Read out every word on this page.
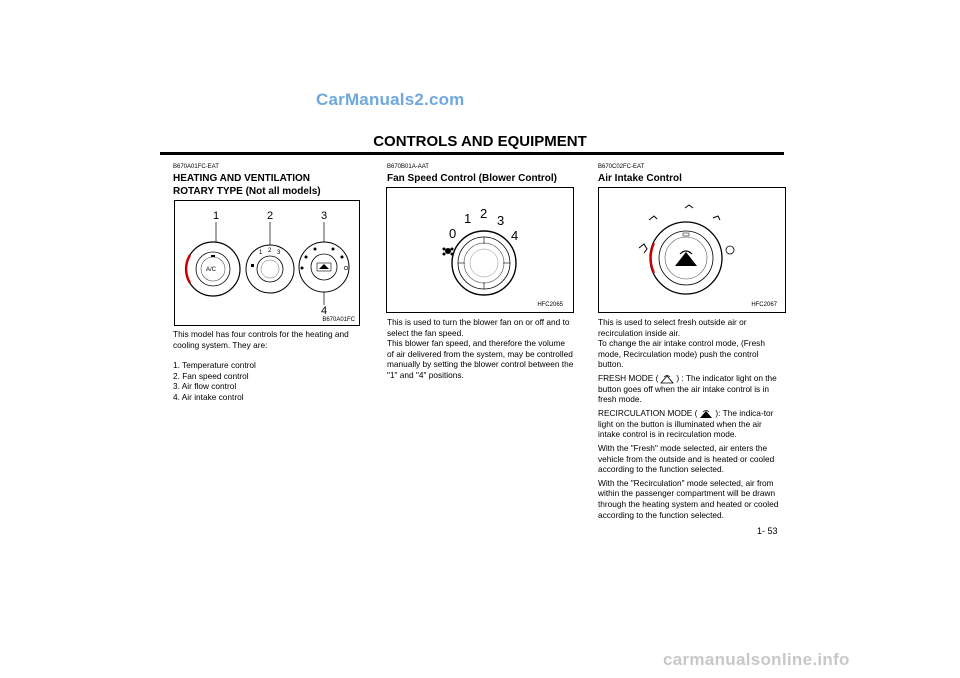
CarManuals2.com
CONTROLS AND EQUIPMENT
B670A01FC-EAT
HEATING AND VENTILATION
ROTARY TYPE (Not all models)
1	2	3
4
A/C
1 2 3
B670A01FC

This model has four controls for the heating and cooling system. They are:

1. Temperature control
2. Fan speed control
3. Air flow control
4. Air intake control
B670B01A-AAT
Fan Speed Control (Blower Control)
0
1 2 3
4
HFC2065

This is used to turn the blower fan on or off and to select the fan speed.

This blower fan speed, and therefore the volume of air delivered from the system, may be controlled manually by setting the blower control between the "1" and "4" positions.

B670C02FC-EAT
Air Intake Control
HFC2067

This is used to select fresh outside air or recirculation inside air.

To change the air intake control mode, (Fresh mode, Recirculation mode) push the control button.

FRESH MODE ( ) : The indicator light on the button goes off when the air intake control is in fresh mode.

RECIRCULATION MODE ( ): The indica-tor light on the button is illuminated when the air intake control is in recirculation mode.

With the "Fresh" mode selected, air enters the vehicle from the outside and is heated or cooled according to the function selected.

With the "Recirculation" mode selected, air from within the passenger compartment will be drawn through the heating system and heated or cooled according to the function selected.

1- 53
carmanualsonline.info
